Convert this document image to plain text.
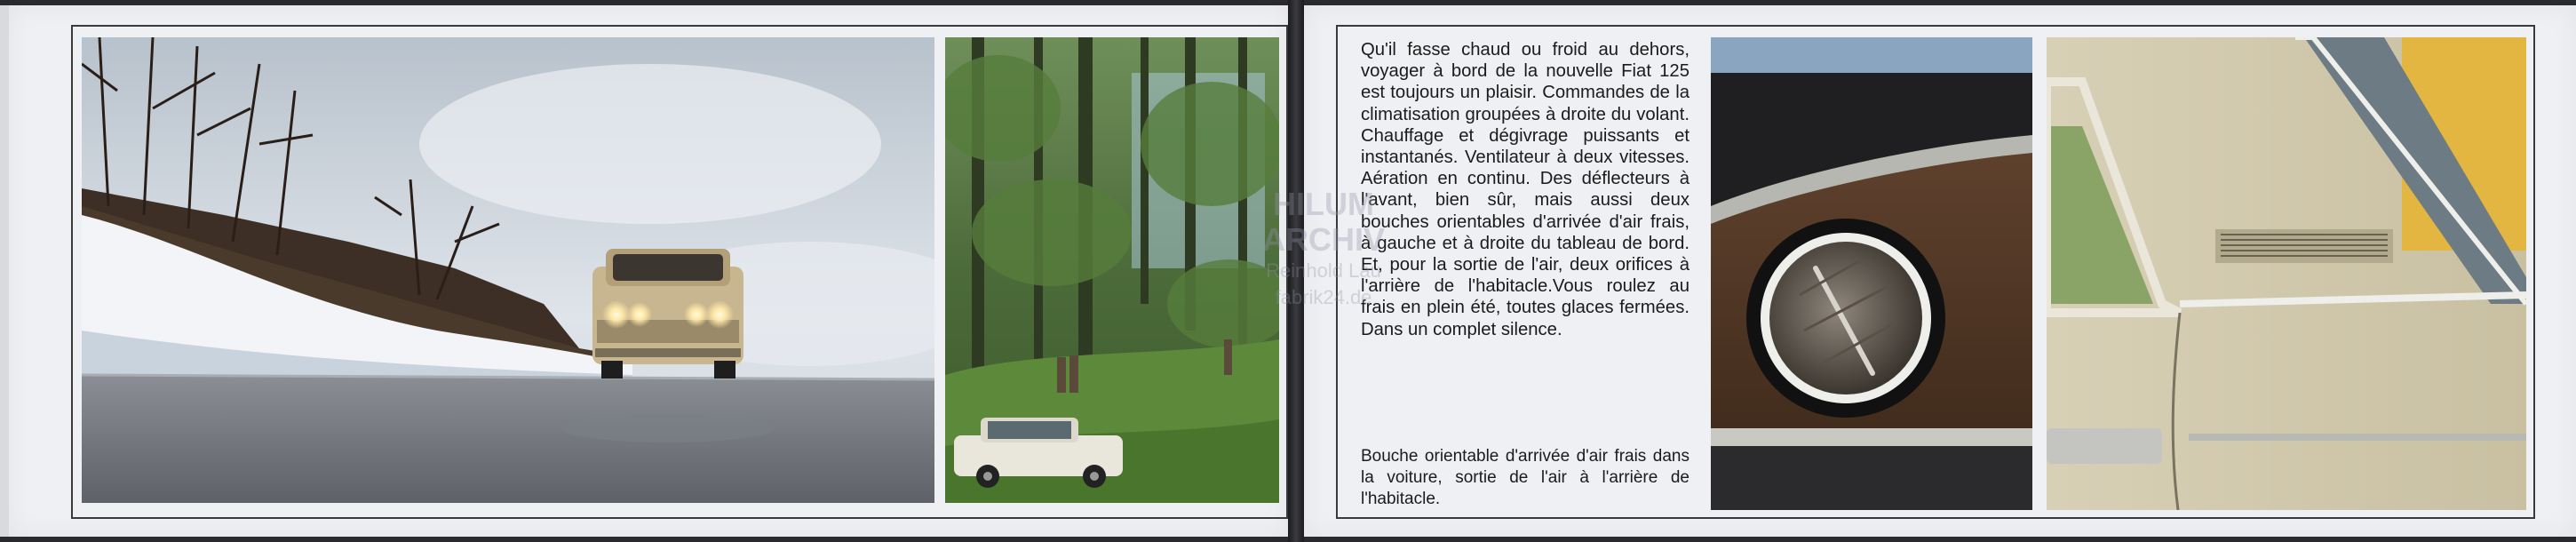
Qu'il fasse chaud ou froid au dehors, voyager à bord de la nouvelle Fiat 125 est toujours un plaisir. Commandes de la climatisation groupées à droite du volant. Chauffage et dégivrage puissants et instantanés. Ventilateur à deux vitesses. Aération en continu. Des déflecteurs à l'avant, bien sûr, mais aussi deux bouches orientables d'arrivée d'air frais, à gauche et à droite du tableau de bord. Et, pour la sortie de l'air, deux orifices à l'arrière de l'habitacle.Vous roulez au frais en plein été, toutes glaces fermées. Dans un complet silence.

Bouche orientable d'arrivée d'air frais dans la voiture, sortie de l'air à l'arrière de l'habitacle.

HILUM
ARCHIV
Reinhold Lau
fabrik24.de
